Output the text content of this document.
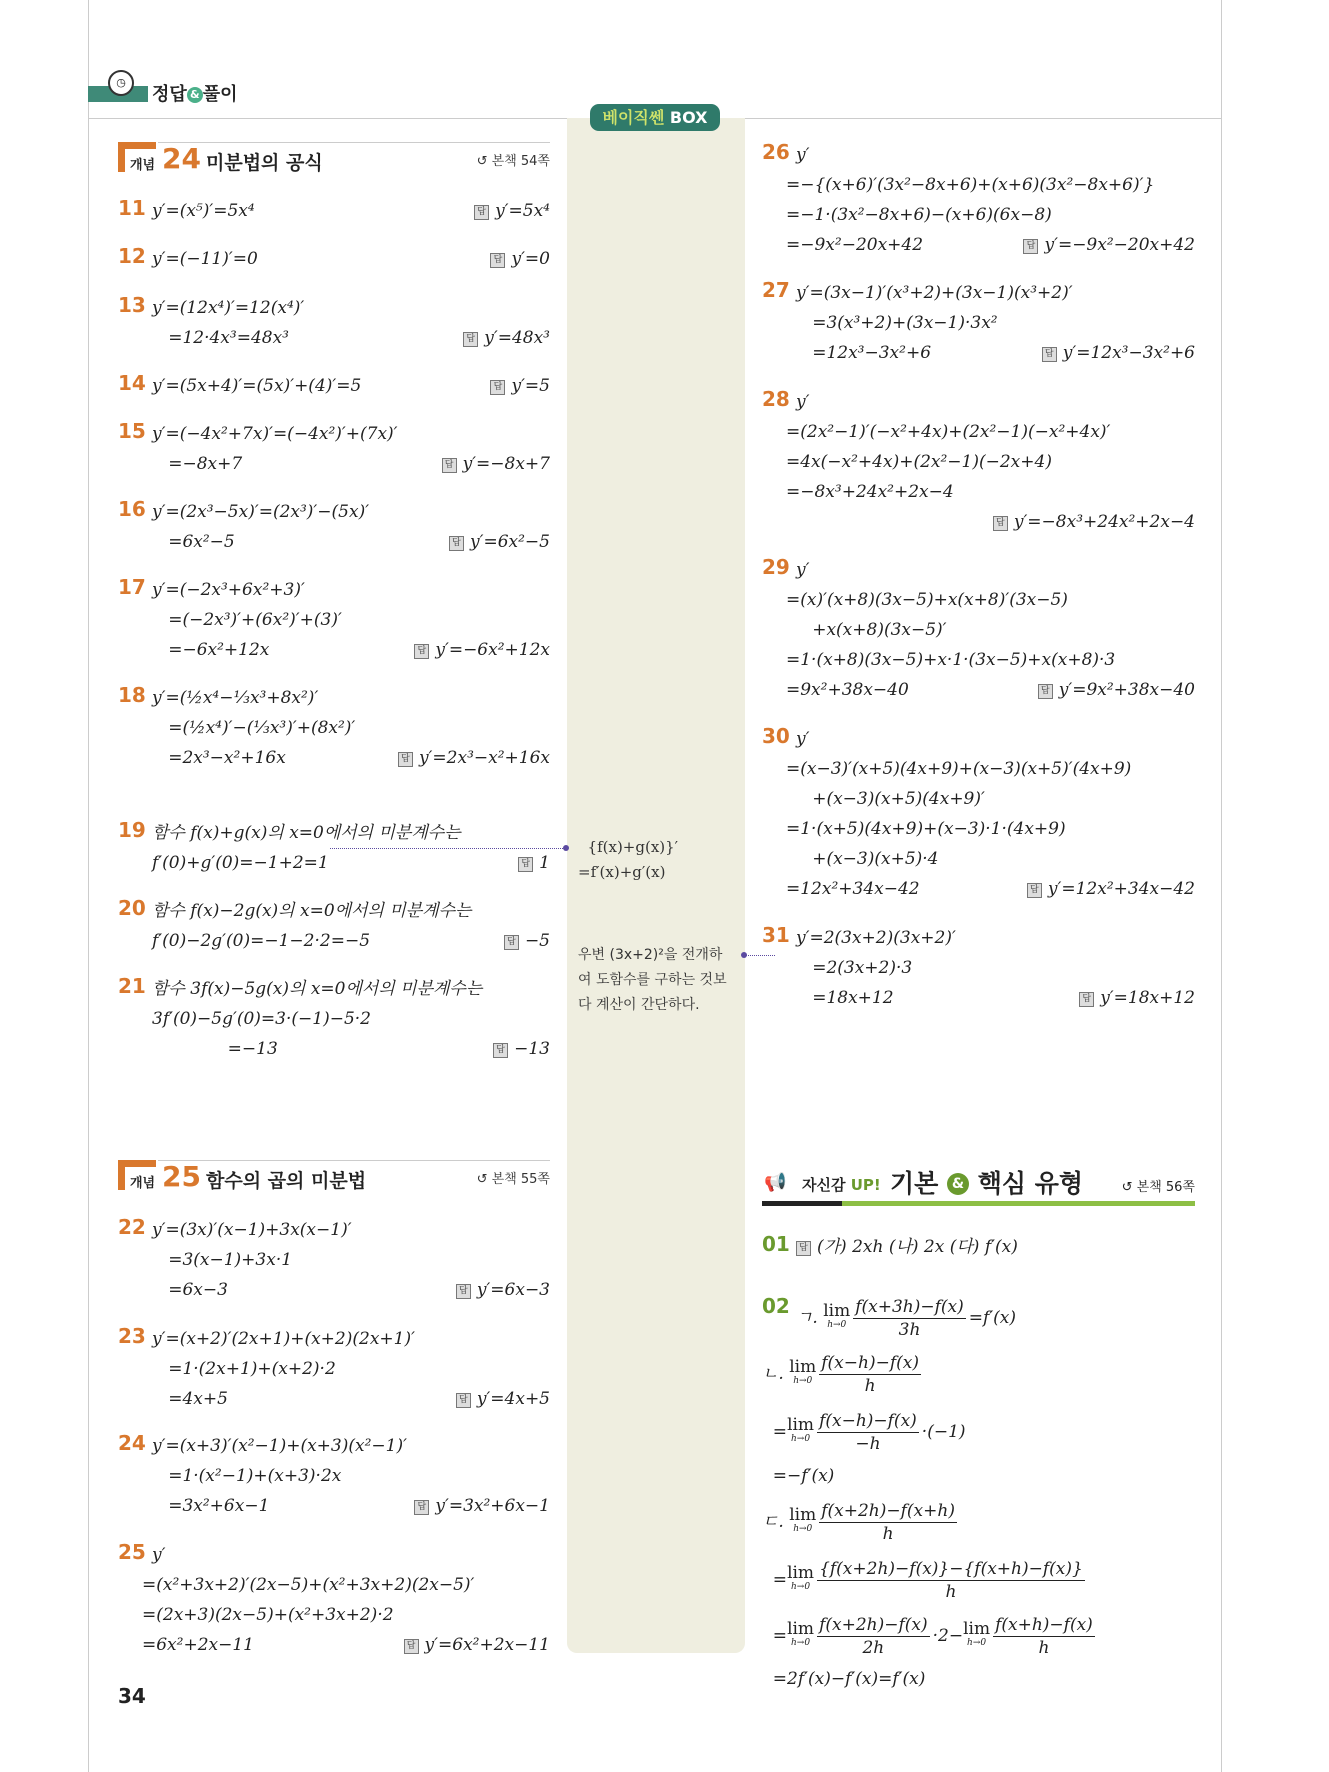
◷
정답 & 풀이
베이직쎈 BOX
개념 24 미분법의 공식	↺ 본책 54쪽
개념 25 함수의 곱의 미분법	↺ 본책 55쪽
11 y′=(x⁵)′=5x⁴	답 y′=5x⁴
12 y′=(−11)′=0	답 y′=0
13 y′=(12x⁴)′=12(x⁴)′
=12·4x³=48x³	답 y′=48x³
14 y′=(5x+4)′=(5x)′+(4)′=5	답 y′=5
15 y′=(−4x²+7x)′=(−4x²)′+(7x)′
=−8x+7	답 y′=−8x+7
16 y′=(2x³−5x)′=(2x³)′−(5x)′
=6x²−5	답 y′=6x²−5
17 y′=(−2x³+6x²+3)′
=(−2x³)′+(6x²)′+(3)′
=−6x²+12x	답 y′=−6x²+12x
18 y′=(½x⁴−⅓x³+8x²)′
=(½x⁴)′−(⅓x³)′+(8x²)′
=2x³−x²+16x	답 y′=2x³−x²+16x
19 함수 f(x)+g(x)의 x=0에서의 미분계수는
f′(0)+g′(0)=−1+2=1	답 1
20 함수 f(x)−2g(x)의 x=0에서의 미분계수는
f′(0)−2g′(0)=−1−2·2=−5	답 −5
21 함수 3f(x)−5g(x)의 x=0에서의 미분계수는
3f′(0)−5g′(0)=3·(−1)−5·2
=−13	답 −13
22 y′=(3x)′(x−1)+3x(x−1)′
=3(x−1)+3x·1
=6x−3	답 y′=6x−3
23 y′=(x+2)′(2x+1)+(x+2)(2x+1)′
=1·(2x+1)+(x+2)·2
=4x+5	답 y′=4x+5
24 y′=(x+3)′(x²−1)+(x+3)(x²−1)′
=1·(x²−1)+(x+3)·2x
=3x²+6x−1	답 y′=3x²+6x−1
25 y′
=(x²+3x+2)′(2x−5)+(x²+3x+2)(2x−5)′
=(2x+3)(2x−5)+(x²+3x+2)·2
=6x²+2x−11	답 y′=6x²+2x−11
26 y′
=−{(x+6)′(3x²−8x+6)+(x+6)(3x²−8x+6)′}
=−1·(3x²−8x+6)−(x+6)(6x−8)
=−9x²−20x+42	답 y′=−9x²−20x+42
27 y′=(3x−1)′(x³+2)+(3x−1)(x³+2)′
=3(x³+2)+(3x−1)·3x²
=12x³−3x²+6	답 y′=12x³−3x²+6
28 y′
=(2x²−1)′(−x²+4x)+(2x²−1)(−x²+4x)′
=4x(−x²+4x)+(2x²−1)(−2x+4)
=−8x³+24x²+2x−4
답 y′=−8x³+24x²+2x−4
29 y′
=(x)′(x+8)(3x−5)+x(x+8)′(3x−5)
+x(x+8)(3x−5)′
=1·(x+8)(3x−5)+x·1·(3x−5)+x(x+8)·3
=9x²+38x−40	답 y′=9x²+38x−40
30 y′
=(x−3)′(x+5)(4x+9)+(x−3)(x+5)′(4x+9)
+(x−3)(x+5)(4x+9)′
=1·(x+5)(4x+9)+(x−3)·1·(4x+9)
+(x−3)(x+5)·4
=12x²+34x−42	답 y′=12x²+34x−42
31 y′=2(3x+2)(3x+2)′
=2(3x+2)·3
=18x+12	답 y′=18x+12
{f(x)+g(x)}′
=f′(x)+g′(x)
우변 (3x+2)²을 전개하
여 도함수를 구하는 것보
다 계산이 간단하다.
📢 자신감 UP! 기본 & 핵심 유형	↺ 본책 56쪽
01	답 (가) 2xh (나) 2x (다) f′(x)
02 ㄱ. lim
$h\to 0 \frac{f(x+3h)-f(x)}{3h} =f'(x)$
ㄴ. lim
$h\to 0 \frac{f(x-h)-f(x)}{h}$
= lim
$h\to 0 \frac{f(x-h)-f(x)}{-h} \cdot(-1)$
=−f′(x)
ㄷ. lim
$h\to 0 \frac{f(x+2h)-f(x+h)}{h}$
= lim
$h\to 0 \frac{\{f(x+2h)-f(x)\}-\{f(x+h)-f(x)\}}{h}$
= lim
$h\to 0 \frac{f(x+2h)-f(x)}{2h} \cdot 2- \lim$
$h\to 0 \frac{f(x+h)-f(x)}{h}$
=2f′(x)−f′(x)=f′(x)
34
